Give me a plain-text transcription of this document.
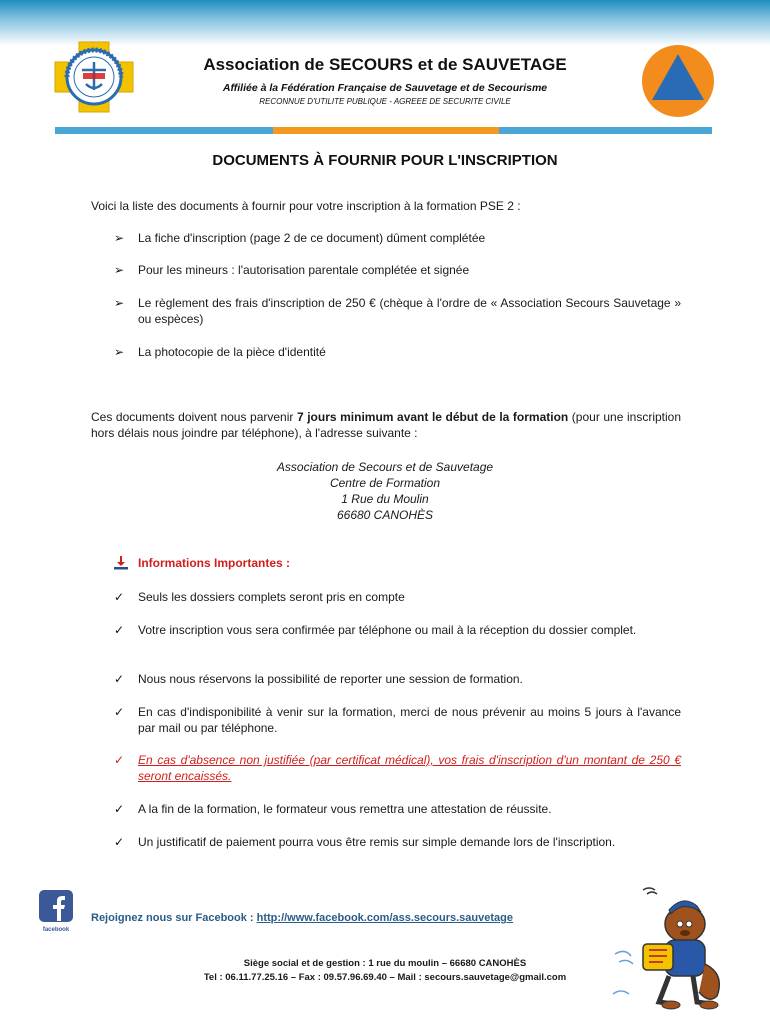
Association de SECOURS et de SAUVETAGE
Affiliée à la Fédération Française de Sauvetage et de Secourisme
RECONNUE D'UTILITE PUBLIQUE - AGREEE DE SECURITE CIVILE
DOCUMENTS À FOURNIR POUR L'INSCRIPTION
Voici la liste des documents à fournir pour votre inscription à la formation PSE 2 :
➢	La fiche d'inscription (page 2 de ce document) dûment complétée
➢	Pour les mineurs : l'autorisation parentale complétée et signée
➢	Le règlement des frais d'inscription de 250 € (chèque à l'ordre de « Association Secours Sauvetage » ou espèces)
➢	La photocopie de la pièce d'identité
Ces documents doivent nous parvenir 7 jours minimum avant le début de la formation (pour une inscription hors délais nous joindre par téléphone), à l'adresse suivante :
Association de Secours et de Sauvetage
Centre de Formation
1 Rue du Moulin
66680 CANOHÈS
Informations Importantes :
✓	Seuls les dossiers complets seront pris en compte
✓	Votre inscription vous sera confirmée par téléphone ou mail à la réception du dossier complet.
✓	Nous nous réservons la possibilité de reporter une session de formation.
✓	En cas d'indisponibilité à venir sur la formation, merci de nous prévenir au moins 5 jours à l'avance par mail ou par téléphone.
✓	En cas d'absence non justifiée (par certificat médical), vos frais d'inscription d'un montant de 250 € seront encaissés.
✓	A la fin de la formation, le formateur vous remettra une attestation de réussite.
✓	Un justificatif de paiement pourra vous être remis sur simple demande lors de l'inscription.
facebook
Rejoignez nous sur Facebook : http://www.facebook.com/ass.secours.sauvetage
Siège social et de gestion : 1 rue du moulin – 66680 CANOHÈS
Tel : 06.11.77.25.16 – Fax : 09.57.96.69.40 – Mail : secours.sauvetage@gmail.com
